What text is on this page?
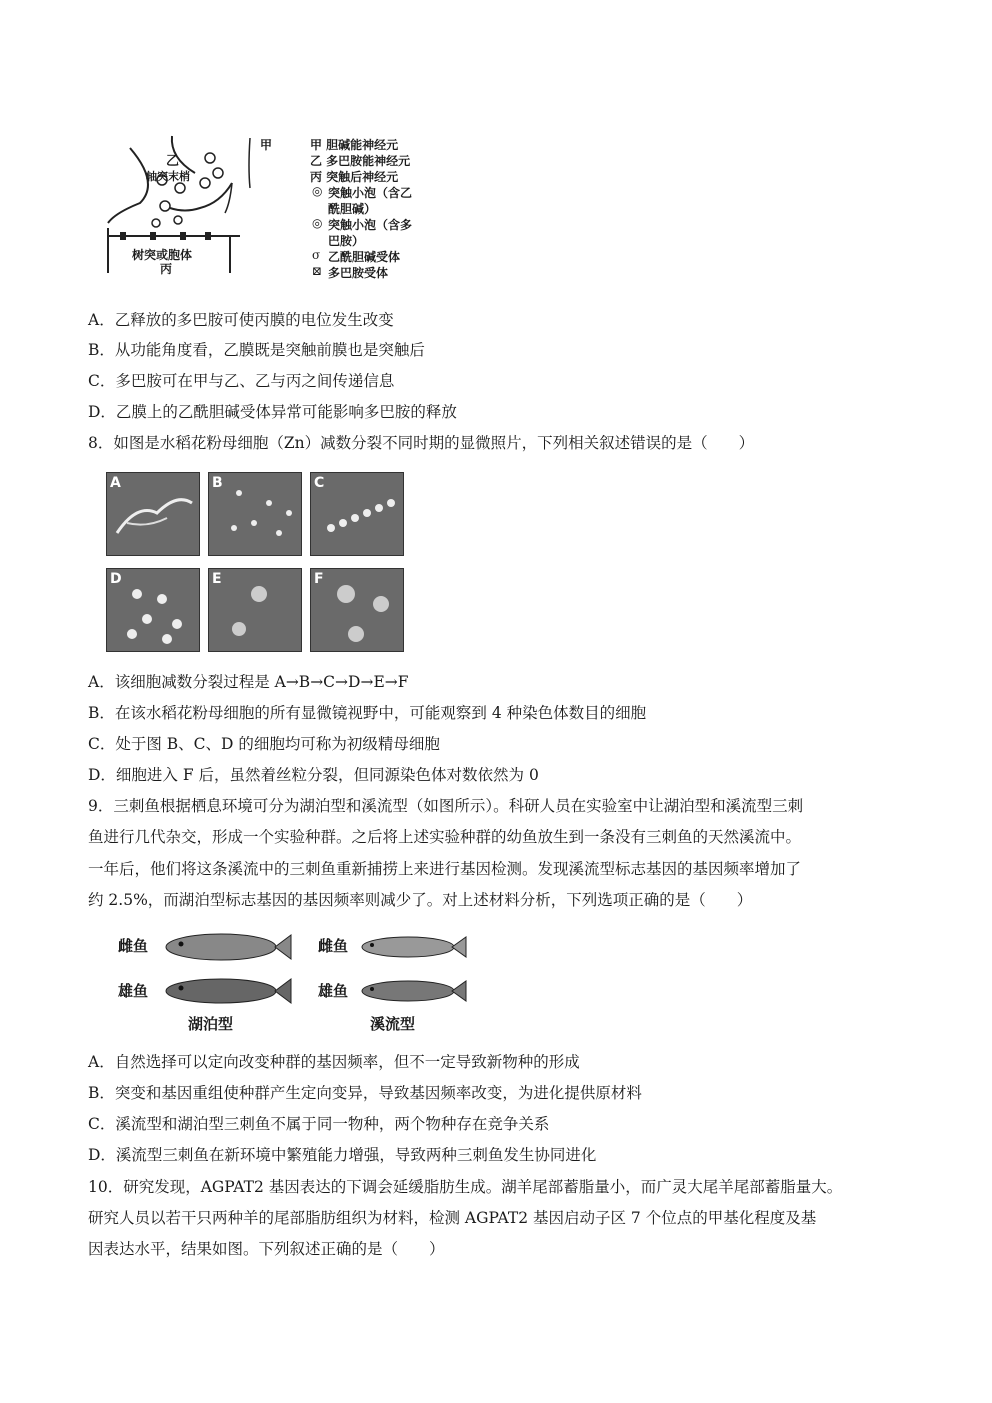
乙
甲
轴突末梢
树突或胞体
丙
甲 胆碱能神经元
乙 多巴胺能神经元
丙 突触后神经元
突触小泡（含乙
酰胆碱）
突触小泡（含多
巴胺）
乙酰胆碱受体
多巴胺受体
◎
◎
σ
⊠
A．乙释放的多巴胺可使丙膜的电位发生改变
B．从功能角度看，乙膜既是突触前膜也是突触后
C．多巴胺可在甲与乙、乙与丙之间传递信息
D．乙膜上的乙酰胆碱受体异常可能影响多巴胺的释放
8．如图是水稻花粉母细胞（Zn）减数分裂不同时期的显微照片，下列相关叙述错误的是（　　）
A	B	C
D	E	F
A．该细胞减数分裂过程是 A→B→C→D→E→F
B．在该水稻花粉母细胞的所有显微镜视野中，可能观察到 4 种染色体数目的细胞
C．处于图 B、C、D 的细胞均可称为初级精母细胞
D．细胞进入 F 后，虽然着丝粒分裂，但同源染色体对数依然为 0
9．三刺鱼根据栖息环境可分为湖泊型和溪流型（如图所示）。科研人员在实验室中让湖泊型和溪流型三刺
鱼进行几代杂交，形成一个实验种群。之后将上述实验种群的幼鱼放生到一条没有三刺鱼的天然溪流中。
一年后，他们将这条溪流中的三刺鱼重新捕捞上来进行基因检测。发现溪流型标志基因的基因频率增加了
约 2.5%，而湖泊型标志基因的基因频率则减少了。对上述材料分析，下列选项正确的是（　　）
雌鱼
雄鱼
雌鱼
雄鱼
湖泊型	溪流型
A．自然选择可以定向改变种群的基因频率，但不一定导致新物种的形成
B．突变和基因重组使种群产生定向变异，导致基因频率改变，为进化提供原材料
C．溪流型和湖泊型三刺鱼不属于同一物种，两个物种存在竞争关系
D．溪流型三刺鱼在新环境中繁殖能力增强，导致两种三刺鱼发生协同进化
10．研究发现，AGPAT2 基因表达的下调会延缓脂肪生成。湖羊尾部蓄脂量小，而广灵大尾羊尾部蓄脂量大。
研究人员以若干只两种羊的尾部脂肪组织为材料，检测 AGPAT2 基因启动子区 7 个位点的甲基化程度及基
因表达水平，结果如图。下列叙述正确的是（　　）
